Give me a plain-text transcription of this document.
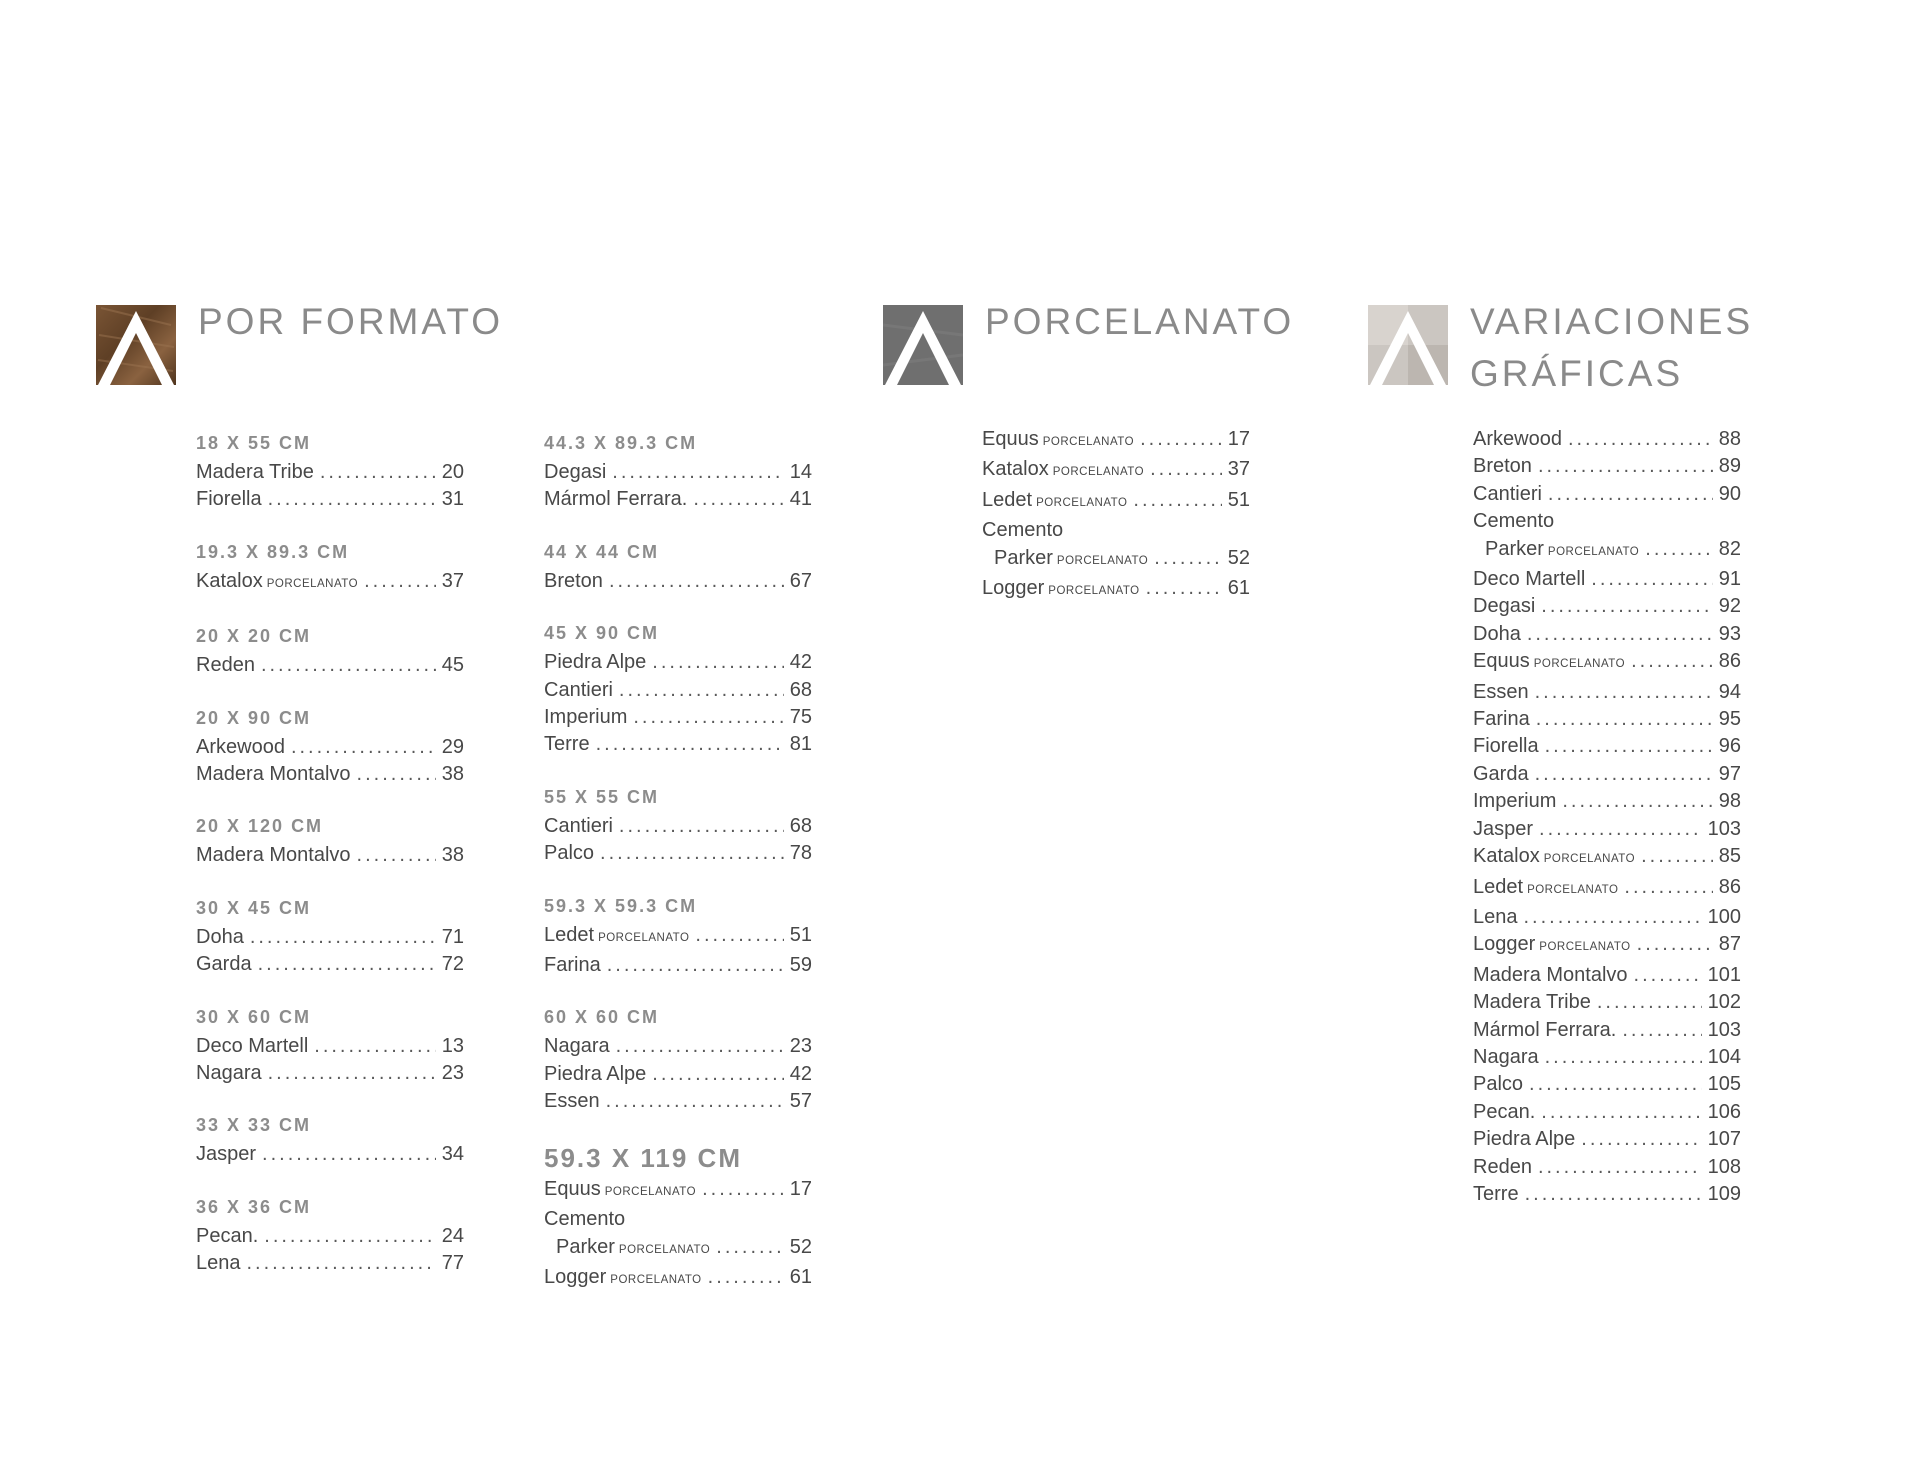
POR FORMATO	PORCELANATO	VARIACIONES
GRÁFICAS
18 X 55 CM
Madera Tribe .....	20
Fiorella .....	31
19.3 X 89.3 CM
Katalox PORCELANATO .....	37
20 X 20 CM
Reden .....	45
20 X 90 CM
Arkewood .....	29
Madera Montalvo .....	38
20 X 120 CM
Madera Montalvo .....	38
30 X 45 CM
Doha .....	71
Garda .....	72
30 X 60 CM
Deco Martell .....	13
Nagara .....	23
33 X 33 CM
Jasper .....	34
36 X 36 CM
Pecan. .....	24
Lena .....	77
44.3 X 89.3 CM
Degasi .....	14
Mármol Ferrara. .....	41
44 X 44 CM
Breton .....	67
45 X 90 CM
Piedra Alpe .....	42
Cantieri .....	68
Imperium .....	75
Terre .....	81
55 X 55 CM
Cantieri .....	68
Palco .....	78
59.3 X 59.3 CM
Ledet PORCELANATO .....	51
Farina .....	59
60 X 60 CM
Nagara .....	23
Piedra Alpe .....	42
Essen .....	57
59.3 X 119 CM
Equus PORCELANATO .....	17
Cemento
Parker PORCELANATO .....	52
Logger PORCELANATO .....	61
Equus PORCELANATO .....	17
Katalox PORCELANATO .....	37
Ledet PORCELANATO .....	51
Cemento
Parker PORCELANATO .....	52
Logger PORCELANATO .....	61
Arkewood .....	88
Breton .....	89
Cantieri .....	90
Cemento
Parker PORCELANATO .....	82
Deco Martell .....	91
Degasi .....	92
Doha .....	93
Equus PORCELANATO .....	86
Essen .....	94
Farina .....	95
Fiorella .....	96
Garda .....	97
Imperium .....	98
Jasper .....	103
Katalox PORCELANATO .....	85
Ledet PORCELANATO .....	86
Lena .....	100
Logger PORCELANATO .....	87
Madera Montalvo .....	101
Madera Tribe .....	102
Mármol Ferrara. .....	103
Nagara .....	104
Palco .....	105
Pecan. .....	106
Piedra Alpe .....	107
Reden .....	108
Terre .....	109
